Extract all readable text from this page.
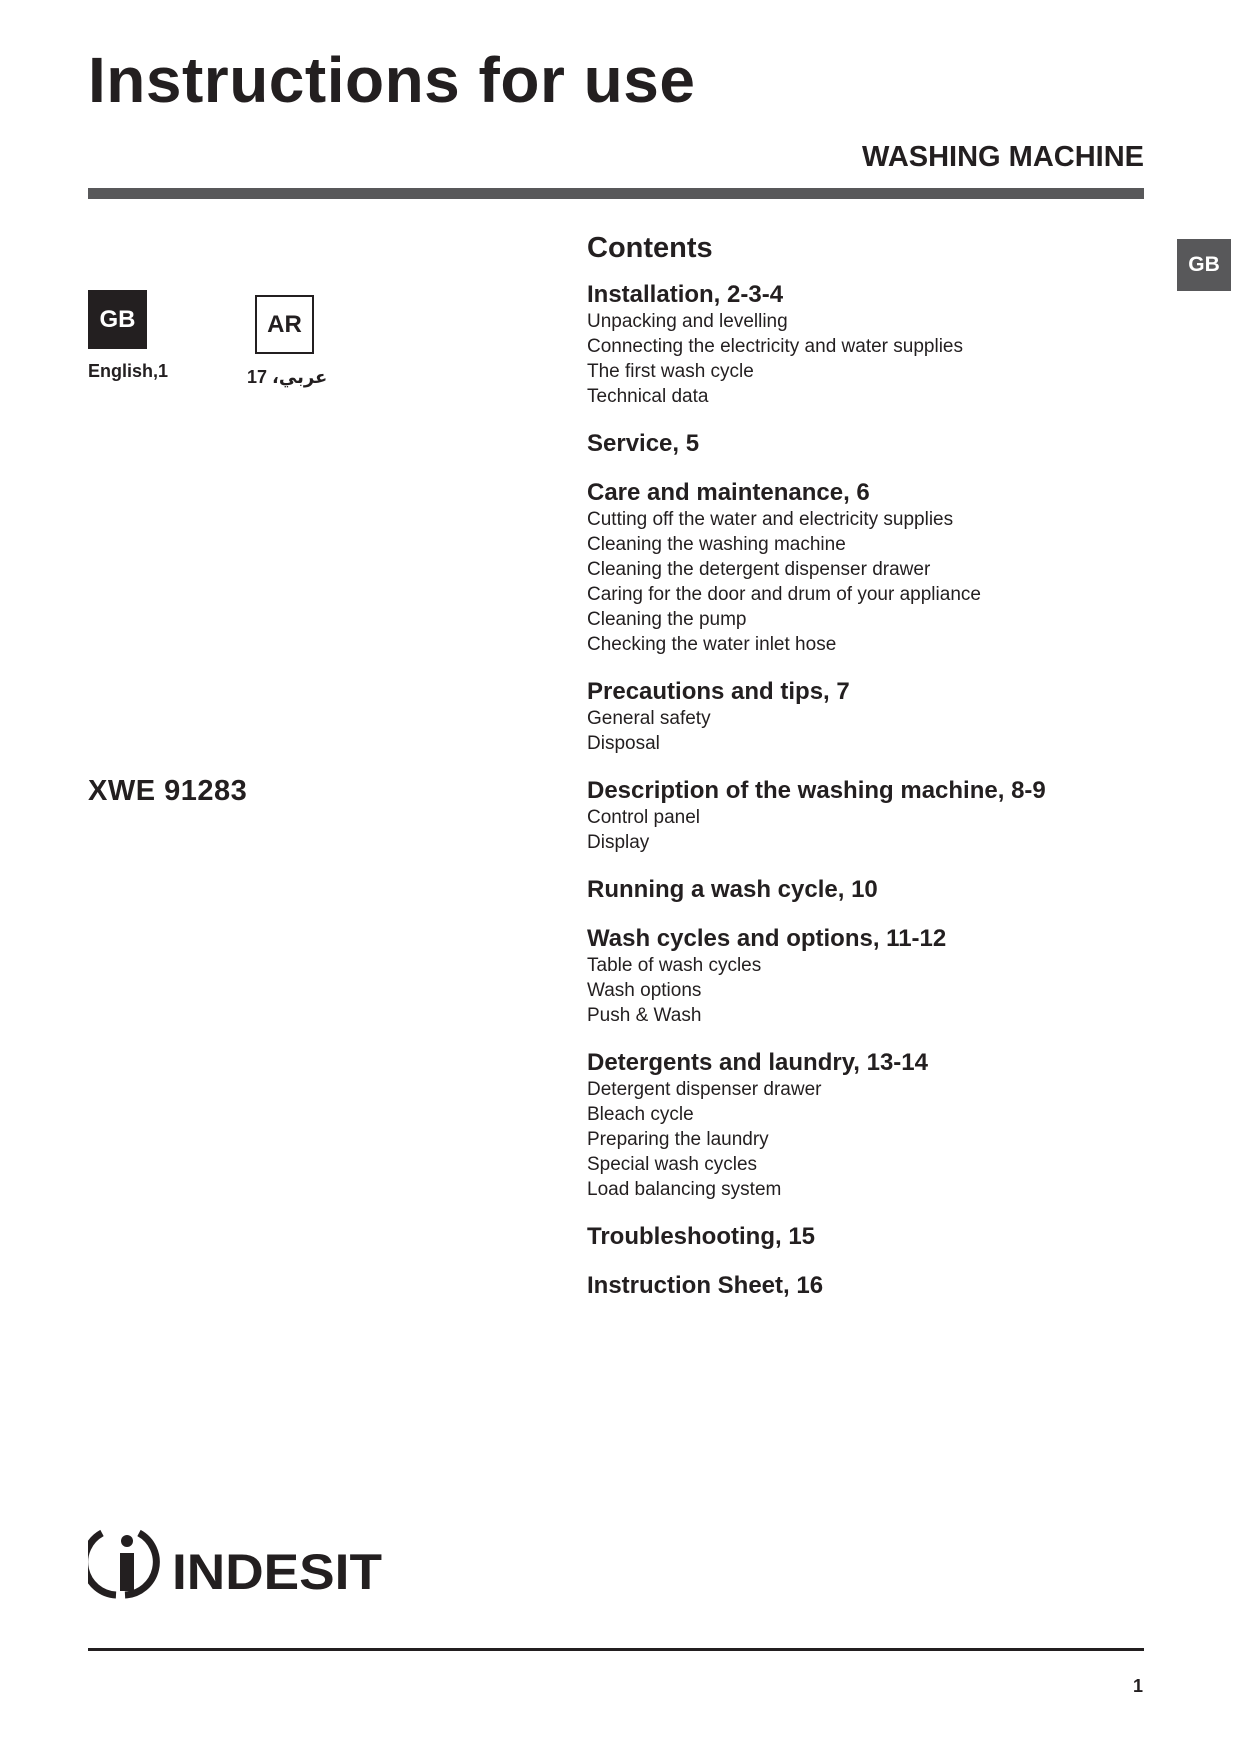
Instructions for use
WASHING MACHINE
GB
GB
English,1
AR
عربي، 17
XWE 91283
Contents
Installation, 2-3-4
Unpacking and levelling
Connecting the electricity and water supplies
The first wash cycle
Technical data
Service, 5
Care and maintenance, 6
Cutting off the water and electricity supplies
Cleaning the washing machine
Cleaning the detergent dispenser drawer
Caring for the door and drum of your appliance
Cleaning the pump
Checking the water inlet hose
Precautions and tips, 7
General safety
Disposal
Description of the washing machine, 8-9
Control panel
Display
Running a wash cycle, 10
Wash cycles and options, 11-12
Table of wash cycles
Wash options
Push & Wash
Detergents and laundry, 13-14
Detergent dispenser drawer
Bleach cycle
Preparing the laundry
Special wash cycles
Load balancing system
Troubleshooting, 15
Instruction Sheet, 16
INDESIT
1
